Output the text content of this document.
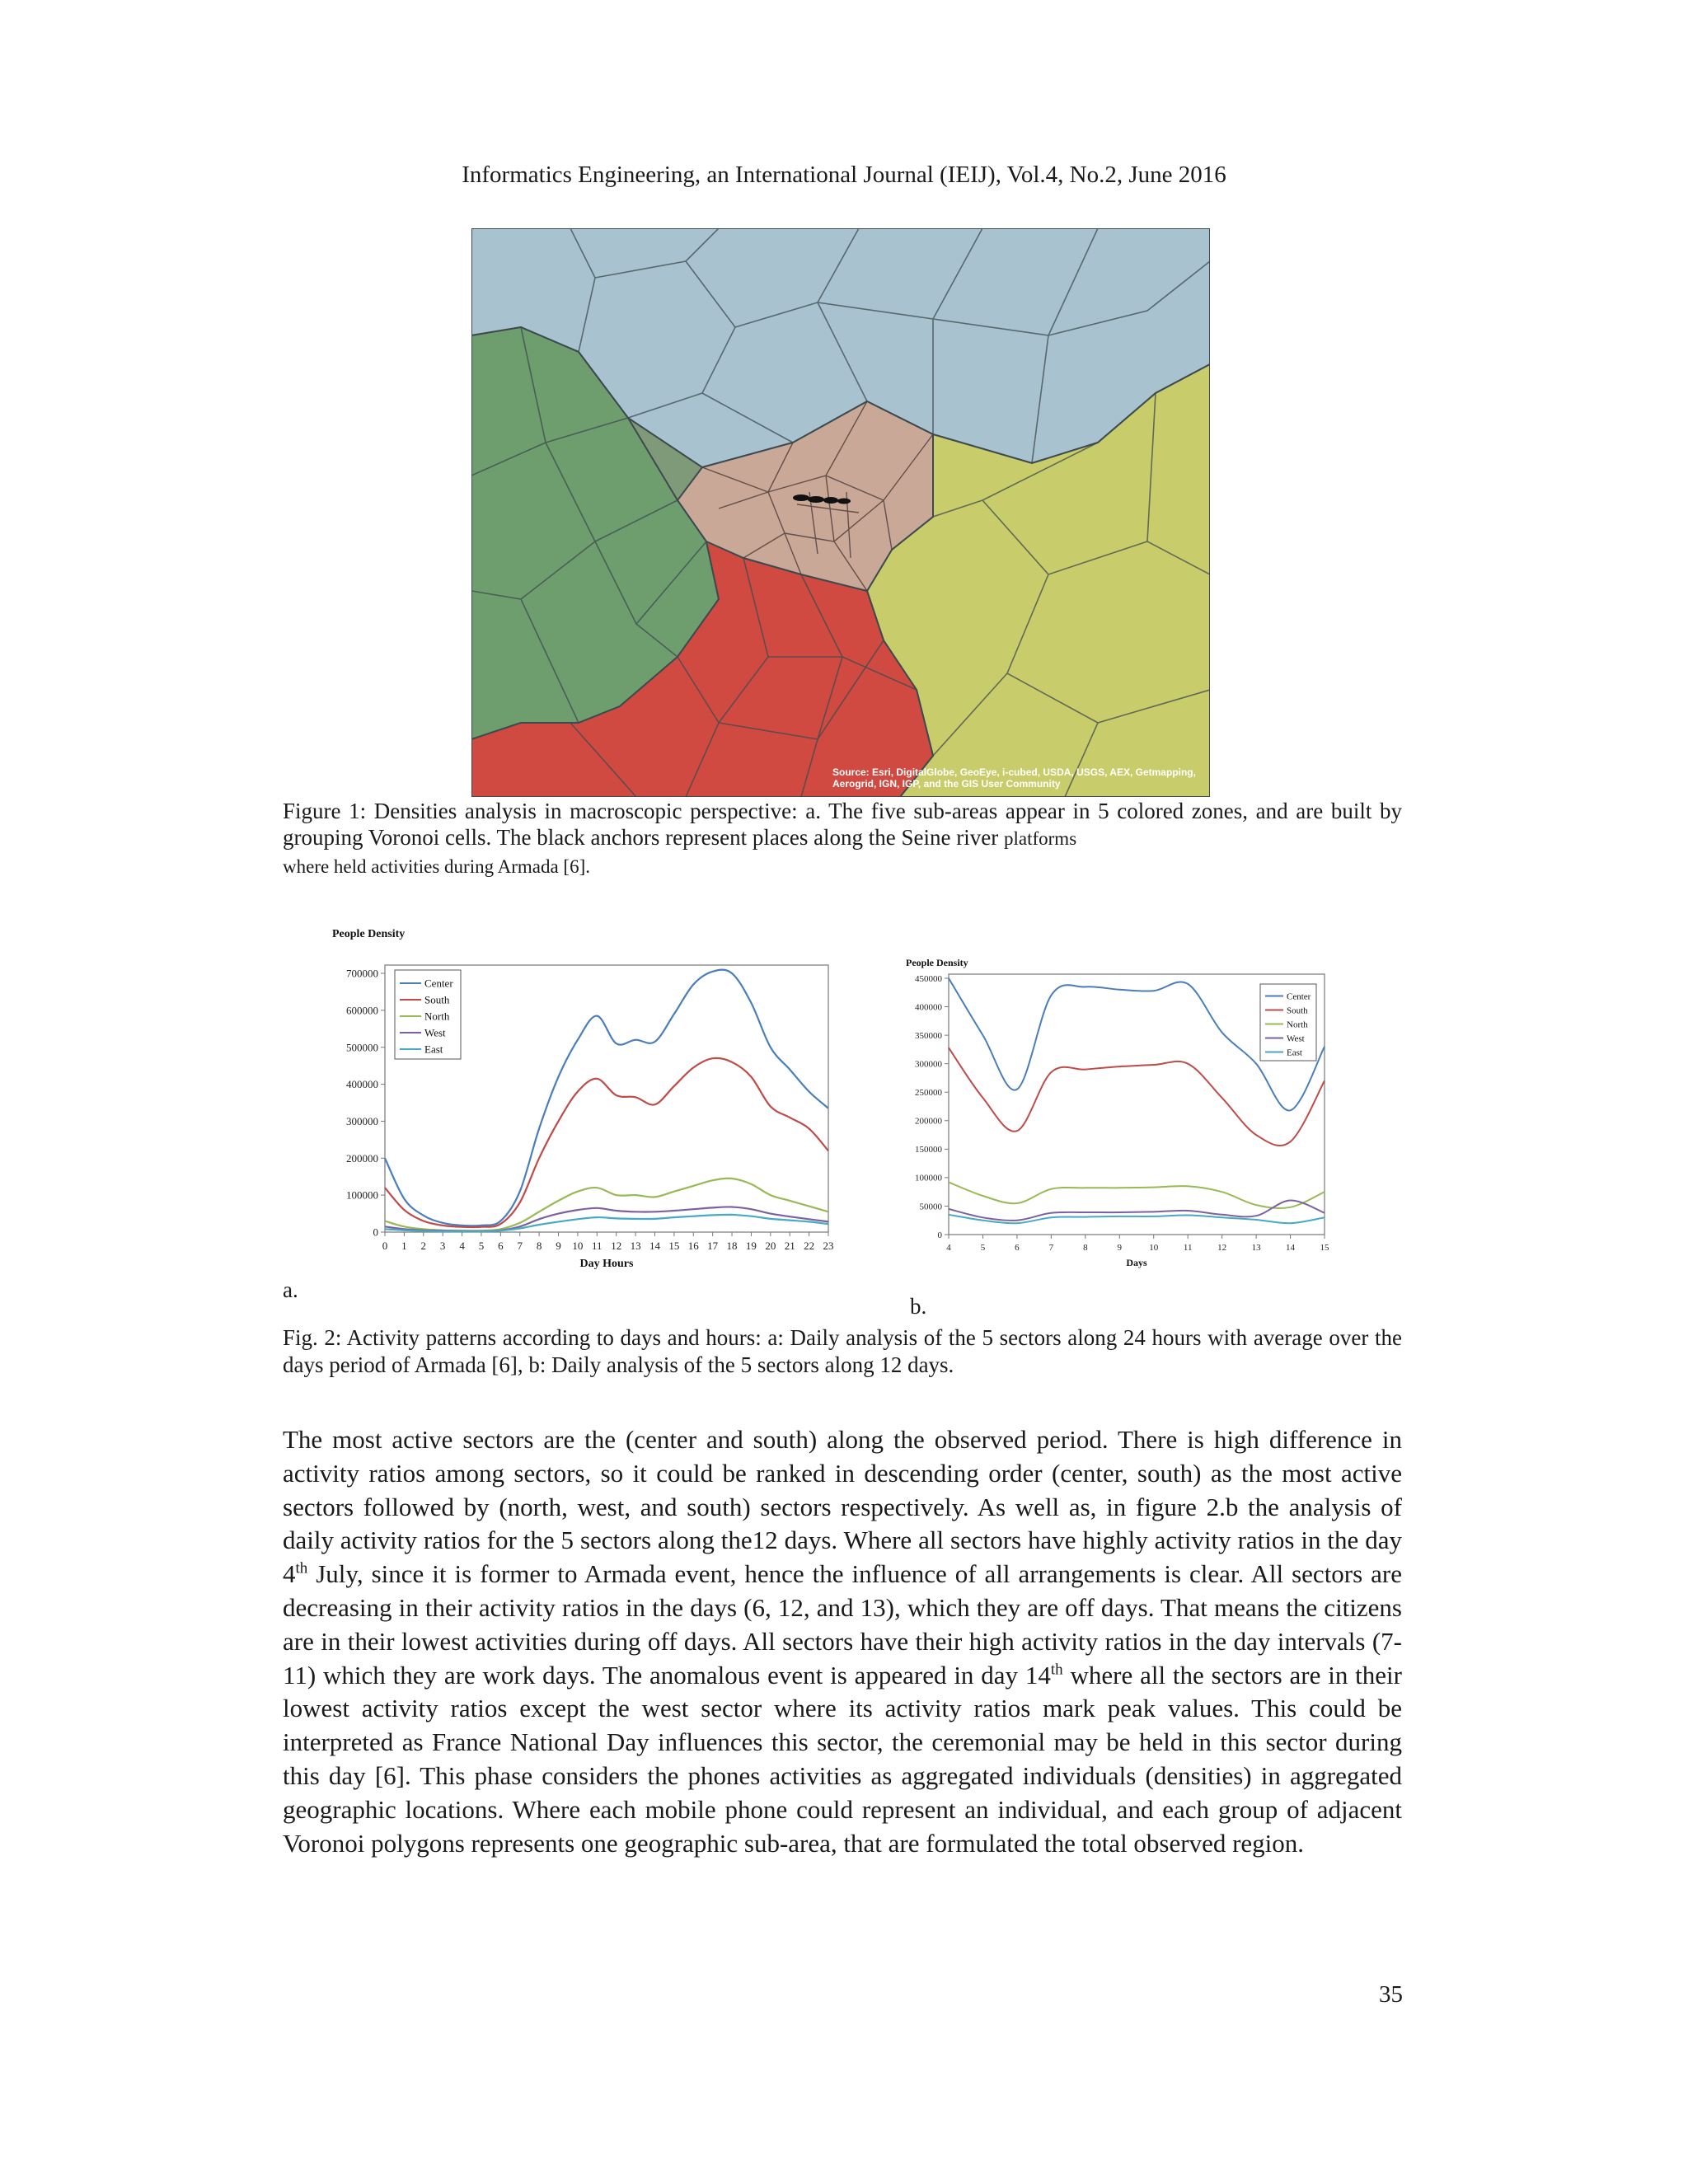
Informatics Engineering, an International Journal (IEIJ), Vol.4, No.2, June 2016
Source: Esri, DigitalGlobe, GeoEye, i-cubed, USDA, USGS, AEX, Getmapping,
Aerogrid, IGN, IGP, and the GIS User Community
Figure 1: Densities analysis in macroscopic perspective: a. The five sub-areas appear in 5 colored zones, and are built by grouping Voronoi cells. The black anchors represent places along the Seine river platforms
where held activities during Armada [6].
People Density
0
100000
200000
300000
400000
500000
600000
700000
0 1 2 3 4 5 6 7 8 9 10 11 12 13 14 15 16 17 18 19 20 21 22 23
Day Hours
Center
South
North
West
East
a.
People Density
0
50000
100000
150000
200000
250000
300000
350000
400000
450000
4	5	6	7	8	9	10	11	12	13	14	15
Days
Center
South
North
West
East
b.
Fig. 2: Activity patterns according to days and hours: a: Daily analysis of the 5 sectors along 24 hours with average over the days period of Armada [6], b: Daily analysis of the 5 sectors along 12 days.
The most active sectors are the (center and south) along the observed period. There is high difference in activity ratios among sectors, so it could be ranked in descending order (center, south) as the most active sectors followed by (north, west, and south) sectors respectively. As well as, in figure 2.b the analysis of daily activity ratios for the 5 sectors along the12 days. Where all sectors have highly activity ratios in the day 4th July, since it is former to Armada event, hence the influence of all arrangements is clear. All sectors are decreasing in their activity ratios in the days (6, 12, and 13), which they are off days. That means the citizens are in their lowest activities during off days. All sectors have their high activity ratios in the day intervals (7-11) which they are work days. The anomalous event is appeared in day 14th where all the sectors are in their lowest activity ratios except the west sector where its activity ratios mark peak values. This could be interpreted as France National Day influences this sector, the ceremonial may be held in this sector during this day [6]. This phase considers the phones activities as aggregated individuals (densities) in aggregated geographic locations. Where each mobile phone could represent an individual, and each group of adjacent Voronoi polygons represents one geographic sub-area, that are formulated the total observed region.
35
